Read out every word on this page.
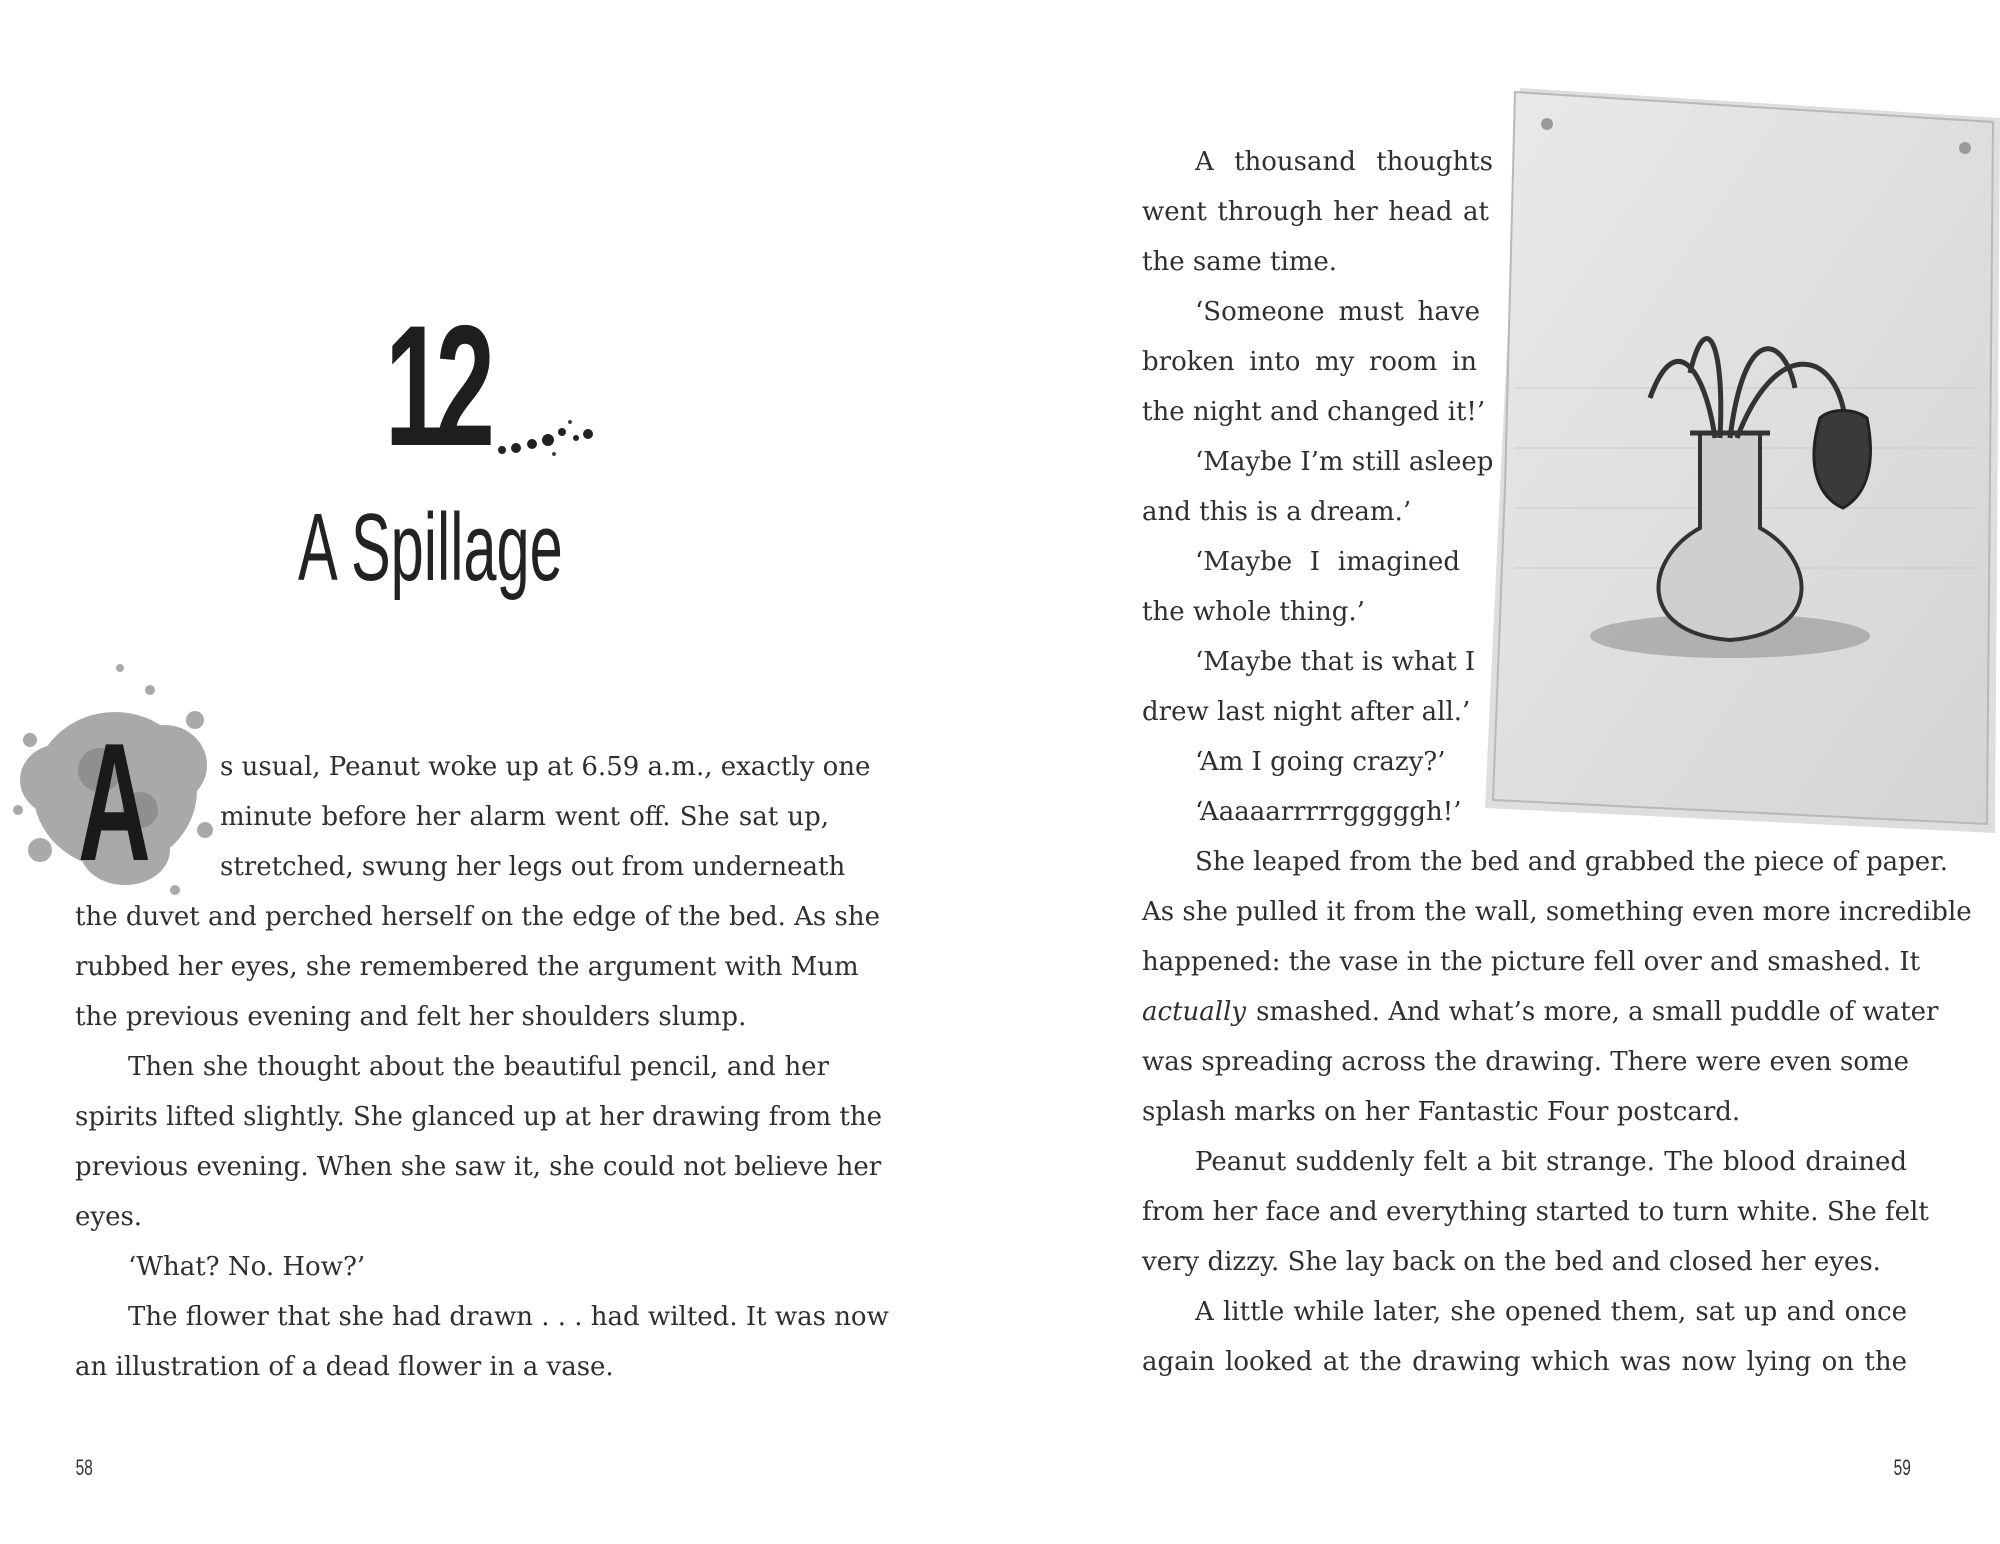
12
A Spillage
A	s usual, Peanut woke up at 6.59 a.m., exactly one
minute before her alarm went off. She sat up,
stretched, swung her legs out from underneath
the duvet and perched herself on the edge of the bed. As she
rubbed her eyes, she remembered the argument with Mum
the previous evening and felt her shoulders slump.
Then she thought about the beautiful pencil, and her
spirits lifted slightly. She glanced up at her drawing from the
previous evening. When she saw it, she could not believe her
eyes.
‘What? No. How?’
The flower that she had drawn . . . had wilted. It was now
an illustration of a dead flower in a vase.
58
A thousand thoughts
went through her head at
the same time.
‘Someone must have
broken into my room in
the night and changed it!’
‘Maybe I’m still asleep
and this is a dream.’
‘Maybe I imagined
the whole thing.’
‘Maybe that is what I
drew last night after all.’
‘Am I going crazy?’
‘Aaaaarrrrrgggggh!’
She leaped from the bed and grabbed the piece of paper.
As she pulled it from the wall, something even more incredible
happened: the vase in the picture fell over and smashed. It
actually smashed. And what’s more, a small puddle of water
was spreading across the drawing. There were even some
splash marks on her Fantastic Four postcard.
Peanut suddenly felt a bit strange. The blood drained
from her face and everything started to turn white. She felt
very dizzy. She lay back on the bed and closed her eyes.
A little while later, she opened them, sat up and once
again looked at the drawing which was now lying on the
59
